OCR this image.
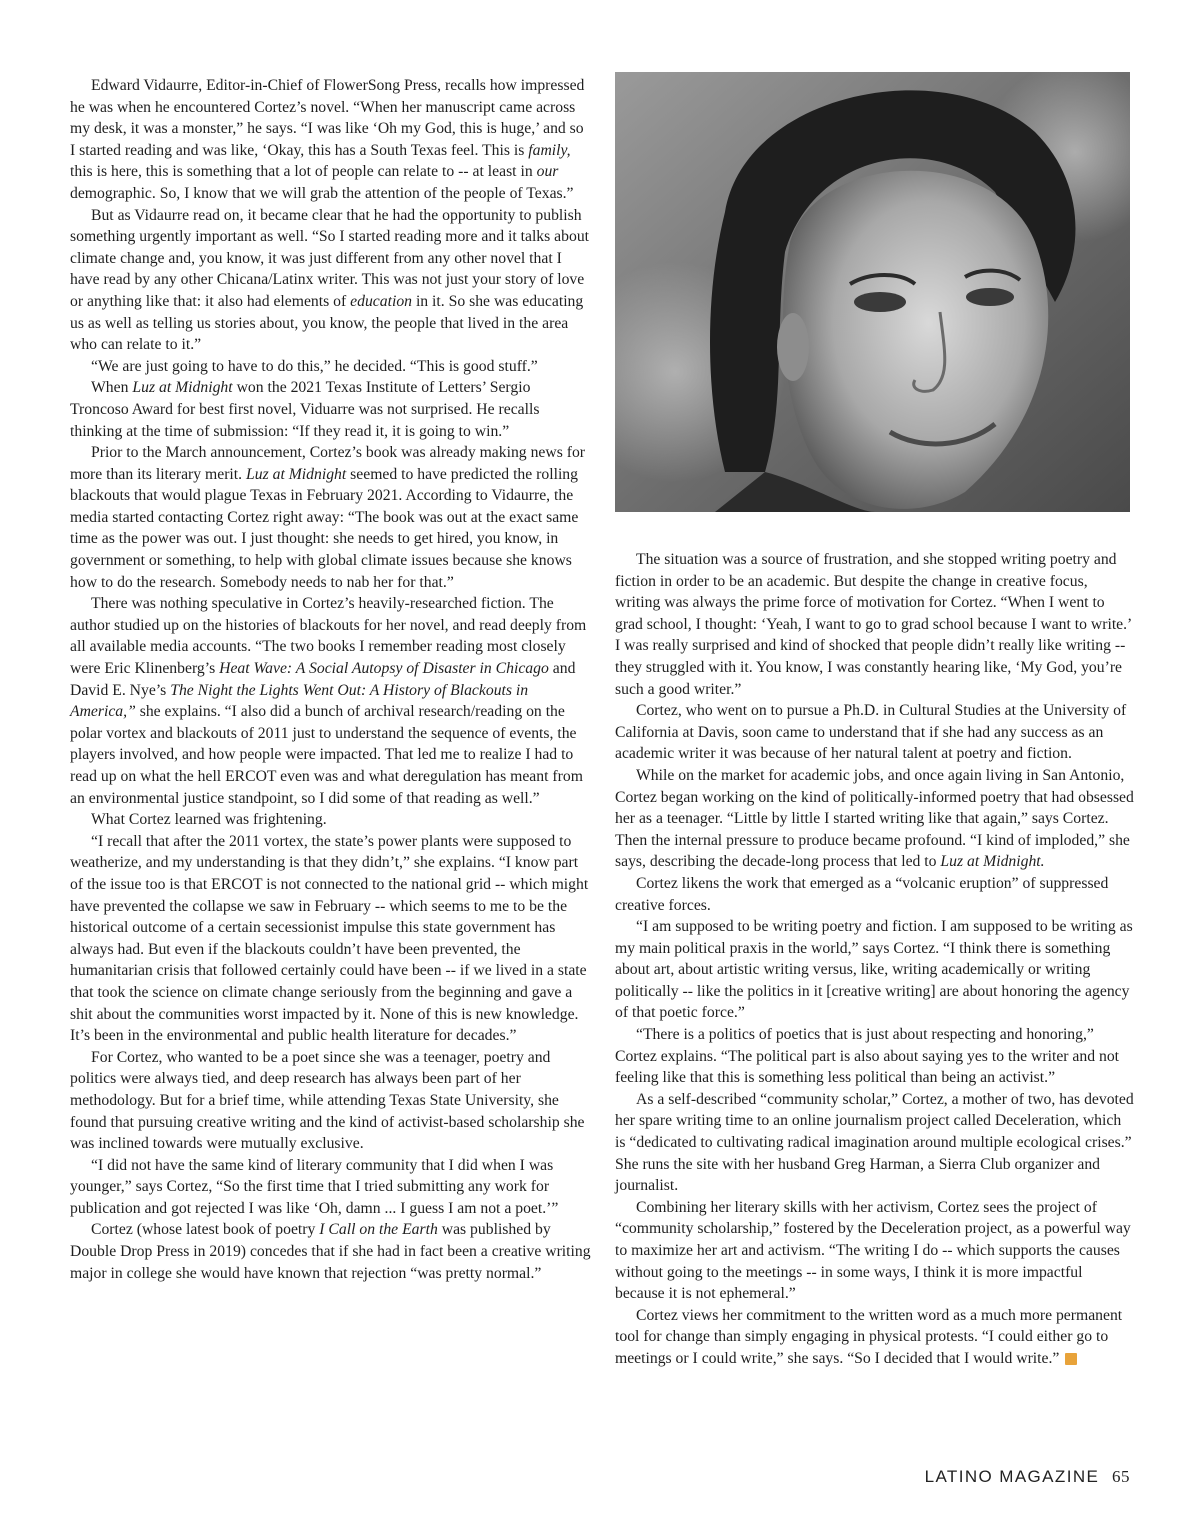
Edward Vidaurre, Editor-in-Chief of FlowerSong Press, recalls how impressed he was when he encountered Cortez’s novel. “When her manuscript came across my desk, it was a monster,” he says. “I was like ‘Oh my God, this is huge,’ and so I started reading and was like, ‘Okay, this has a South Texas feel. This is family, this is here, this is something that a lot of people can relate to -- at least in our demographic. So, I know that we will grab the attention of the people of Texas.”

But as Vidaurre read on, it became clear that he had the opportunity to publish something urgently important as well. “So I started reading more and it talks about climate change and, you know, it was just different from any other novel that I have read by any other Chicana/Latinx writer. This was not just your story of love or anything like that: it also had elements of education in it. So she was educating us as well as telling us stories about, you know, the people that lived in the area who can relate to it.”

“We are just going to have to do this,” he decided. “This is good stuff.”

When Luz at Midnight won the 2021 Texas Institute of Letters’ Sergio Troncoso Award for best first novel, Viduarre was not surprised. He recalls thinking at the time of submission: “If they read it, it is going to win.”

Prior to the March announcement, Cortez’s book was already making news for more than its literary merit. Luz at Midnight seemed to have predicted the rolling blackouts that would plague Texas in February 2021. According to Vidaurre, the media started contacting Cortez right away: “The book was out at the exact same time as the power was out. I just thought: she needs to get hired, you know, in government or something, to help with global climate issues because she knows how to do the research. Somebody needs to nab her for that.”

There was nothing speculative in Cortez’s heavily-researched fiction. The author studied up on the histories of blackouts for her novel, and read deeply from all available media accounts. “The two books I remember reading most closely were Eric Klinenberg’s Heat Wave: A Social Autopsy of Disaster in Chicago and David E. Nye’s The Night the Lights Went Out: A History of Blackouts in America,” she explains. “I also did a bunch of archival research/reading on the polar vortex and blackouts of 2011 just to understand the sequence of events, the players involved, and how people were impacted. That led me to realize I had to read up on what the hell ERCOT even was and what deregulation has meant from an environmental justice standpoint, so I did some of that reading as well.”

What Cortez learned was frightening.

“I recall that after the 2011 vortex, the state’s power plants were supposed to weatherize, and my understanding is that they didn’t,” she explains. “I know part of the issue too is that ERCOT is not connected to the national grid -- which might have prevented the collapse we saw in February -- which seems to me to be the historical outcome of a certain secessionist impulse this state government has always had. But even if the blackouts couldn’t have been prevented, the humanitarian crisis that followed certainly could have been -- if we lived in a state that took the science on climate change seriously from the beginning and gave a shit about the communities worst impacted by it. None of this is new knowledge. It’s been in the environmental and public health literature for decades.”

For Cortez, who wanted to be a poet since she was a teenager, poetry and politics were always tied, and deep research has always been part of her methodology. But for a brief time, while attending Texas State University, she found that pursuing creative writing and the kind of activist-based scholarship she was inclined towards were mutually exclusive.

“I did not have the same kind of literary community that I did when I was younger,” says Cortez, “So the first time that I tried submitting any work for publication and got rejected I was like ‘Oh, damn ... I guess I am not a poet.’”

Cortez (whose latest book of poetry I Call on the Earth was published by Double Drop Press in 2019) concedes that if she had in fact been a creative writing major in college she would have known that rejection “was pretty normal.”

The situation was a source of frustration, and she stopped writing poetry and fiction in order to be an academic. But despite the change in creative focus, writing was always the prime force of motivation for Cortez. “When I went to grad school, I thought: ‘Yeah, I want to go to grad school because I want to write.’ I was really surprised and kind of shocked that people didn’t really like writing -- they struggled with it. You know, I was constantly hearing like, ‘My God, you’re such a good writer.”

Cortez, who went on to pursue a Ph.D. in Cultural Studies at the University of California at Davis, soon came to understand that if she had any success as an academic writer it was because of her natural talent at poetry and fiction.

While on the market for academic jobs, and once again living in San Antonio, Cortez began working on the kind of politically-informed poetry that had obsessed her as a teenager. “Little by little I started writing like that again,” says Cortez. Then the internal pressure to produce became profound. “I kind of imploded,” she says, describing the decade-long process that led to Luz at Midnight.

Cortez likens the work that emerged as a “volcanic eruption” of suppressed creative forces.

“I am supposed to be writing poetry and fiction. I am supposed to be writing as my main political praxis in the world,” says Cortez. “I think there is something about art, about artistic writing versus, like, writing academically or writing politically -- like the politics in it [creative writing] are about honoring the agency of that poetic force.”

“There is a politics of poetics that is just about respecting and honoring,” Cortez explains. “The political part is also about saying yes to the writer and not feeling like that this is something less political than being an activist.”

As a self-described “community scholar,” Cortez, a mother of two, has devoted her spare writing time to an online journalism project called Deceleration, which is “dedicated to cultivating radical imagination around multiple ecological crises.” She runs the site with her husband Greg Harman, a Sierra Club organizer and journalist.

Combining her literary skills with her activism, Cortez sees the project of “community scholarship,” fostered by the Deceleration project, as a powerful way to maximize her art and activism. “The writing I do -- which supports the causes without going to the meetings -- in some ways, I think it is more impactful because it is not ephemeral.”

Cortez views her commitment to the written word as a much more permanent tool for change than simply engaging in physical protests. “I could either go to meetings or I could write,” she says. “So I decided that I would write.”	L

LATINO MAGAZINE 65
